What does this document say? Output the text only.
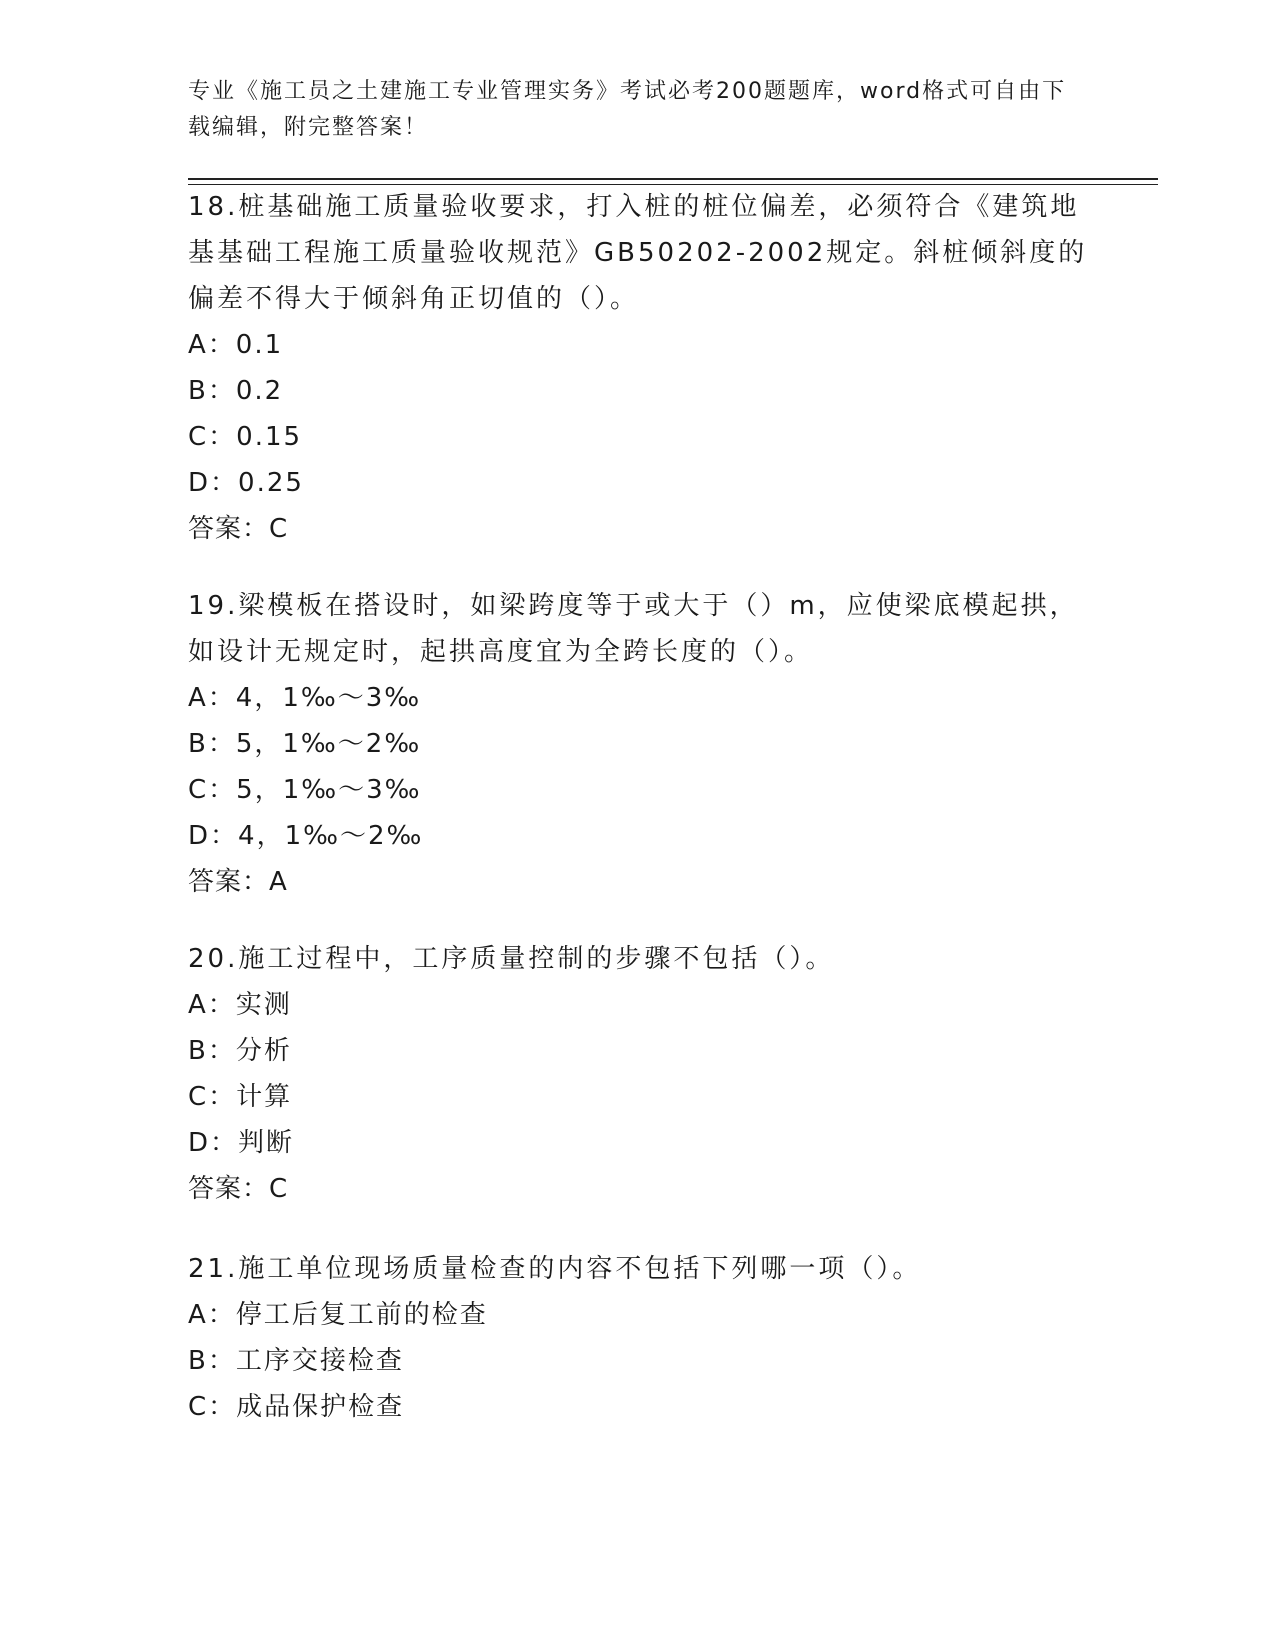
专业《施工员之土建施工专业管理实务》考试必考200题题库，word格式可自由下载编辑，附完整答案！

18.桩基础施工质量验收要求，打入桩的桩位偏差，必须符合《建筑地基基础工程施工质量验收规范》GB50202-2002规定。斜桩倾斜度的偏差不得大于倾斜角正切值的（）。

A：0.1

B：0.2

C：0.15

D：0.25

答案：C

19.梁模板在搭设时，如梁跨度等于或大于（）m，应使梁底模起拱，如设计无规定时，起拱高度宜为全跨长度的（）。

A：4，1‰～3‰

B：5，1‰～2‰

C：5，1‰～3‰

D：4，1‰～2‰

答案：A

20.施工过程中，工序质量控制的步骤不包括（）。

A：实测

B：分析

C：计算

D：判断

答案：C

21.施工单位现场质量检查的内容不包括下列哪一项（）。

A：停工后复工前的检查

B：工序交接检查

C：成品保护检查
